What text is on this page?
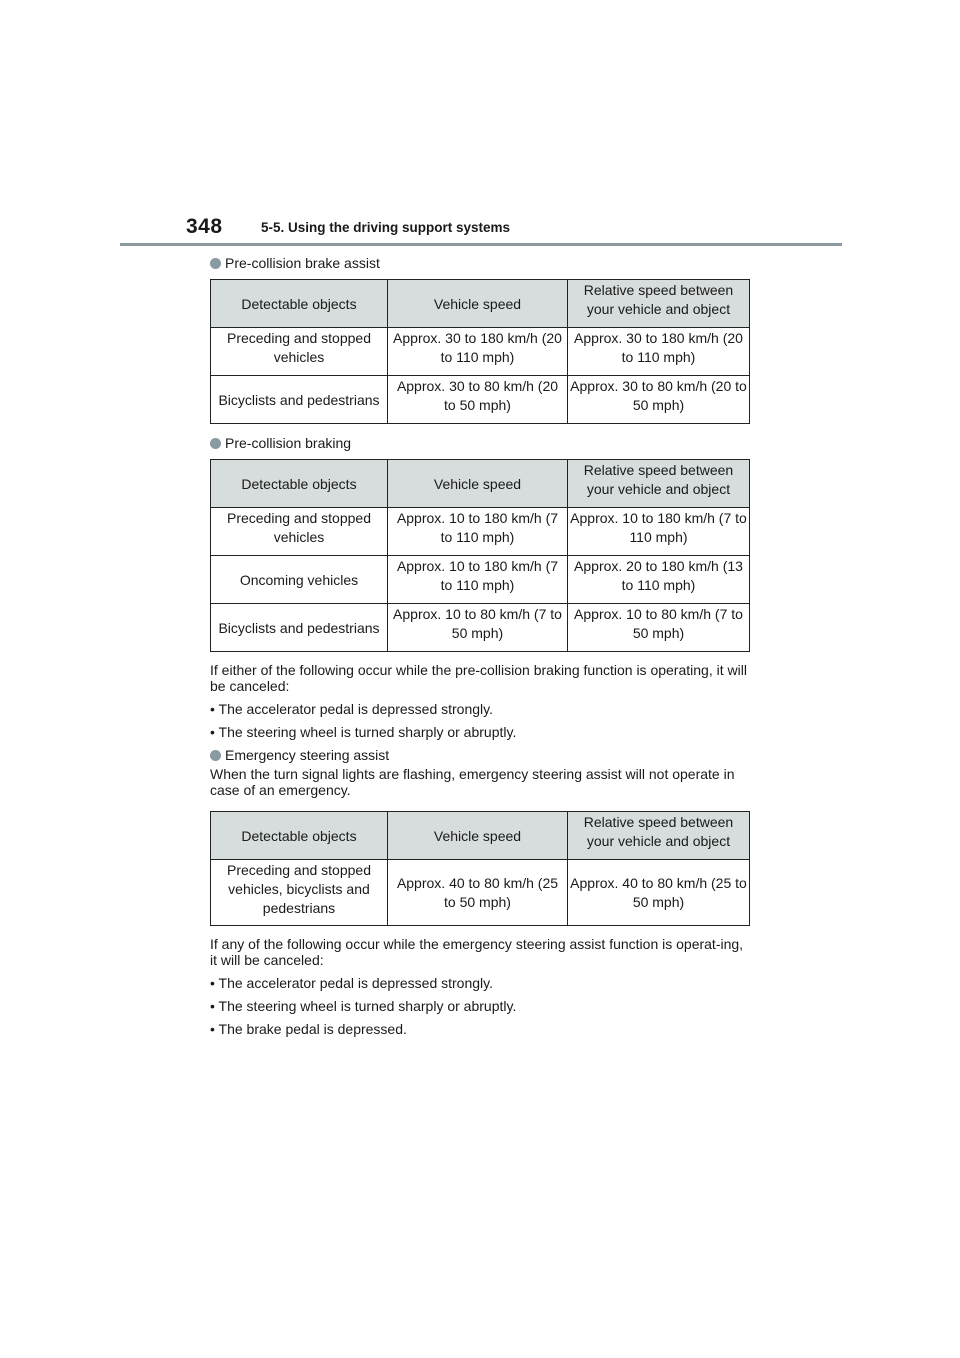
348	5-5. Using the driving support systems
Pre-collision brake assist
Detectable objects	Vehicle speed	Relative speed between your vehicle and object
Preceding and stopped vehicles	Approx. 30 to 180 km/h (20 to 110 mph)	Approx. 30 to 180 km/h (20 to 110 mph)
Bicyclists and pedestrians	Approx. 30 to 80 km/h (20 to 50 mph)	Approx. 30 to 80 km/h (20 to 50 mph)
Pre-collision braking
Detectable objects	Vehicle speed	Relative speed between your vehicle and object
Preceding and stopped vehicles	Approx. 10 to 180 km/h (7 to 110 mph)	Approx. 10 to 180 km/h (7 to 110 mph)
Oncoming vehicles	Approx. 10 to 180 km/h (7 to 110 mph)	Approx. 20 to 180 km/h (13 to 110 mph)
Bicyclists and pedestrians	Approx. 10 to 80 km/h (7 to 50 mph)	Approx. 10 to 80 km/h (7 to 50 mph)

If either of the following occur while the pre-collision braking function is operating, it will be canceled:

• The accelerator pedal is depressed strongly.
• The steering wheel is turned sharply or abruptly.
Emergency steering assist

When the turn signal lights are flashing, emergency steering assist will not operate in case of an emergency.

Detectable objects	Vehicle speed	Relative speed between your vehicle and object
Preceding and stopped vehicles, bicyclists and pedestrians	Approx. 40 to 80 km/h (25 to 50 mph)	Approx. 40 to 80 km/h (25 to 50 mph)

If any of the following occur while the emergency steering assist function is operat-ing, it will be canceled:

• The accelerator pedal is depressed strongly.
• The steering wheel is turned sharply or abruptly.
• The brake pedal is depressed.
